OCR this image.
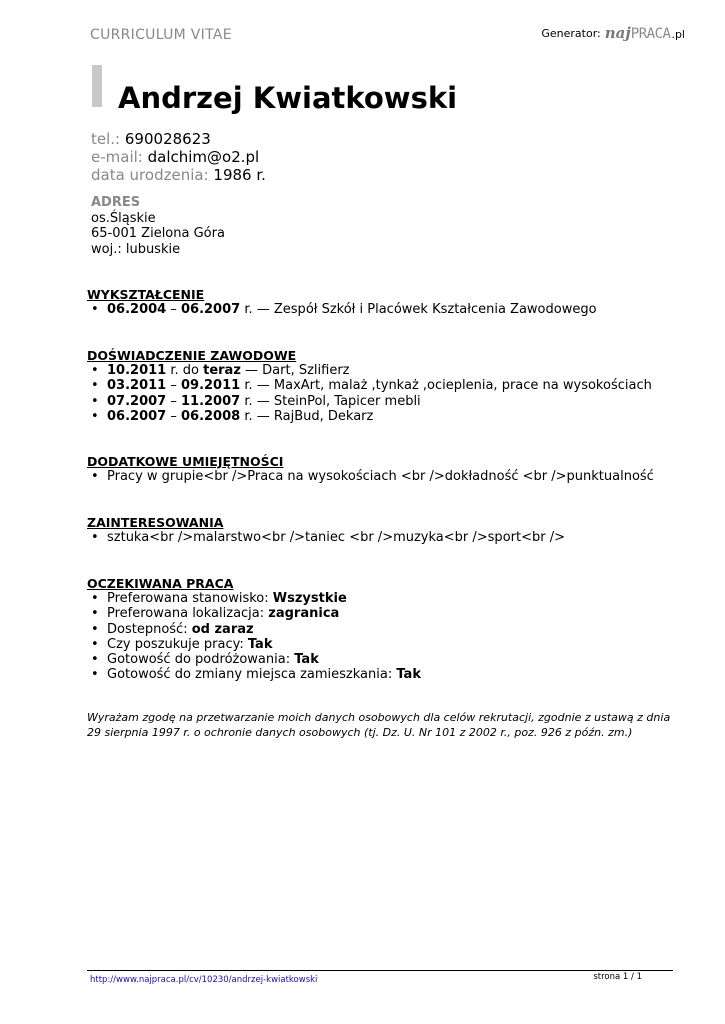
CURRICULUM VITAE	Generator: naj PRACA .pl
Andrzej Kwiatkowski
tel.: 690028623
e-mail: dalchim@o2.pl
data urodzenia: 1986 r.
ADRES
os.Śląskie
65-001 Zielona Góra
woj.: lubuskie
WYKSZTAŁCENIE
• 06.2004 – 06.2007 r. — Zespół Szkół i Placówek Kształcenia Zawodowego
DOŚWIADCZENIE ZAWODOWE
• 10.2011 r. do teraz — Dart, Szlifierz
• 03.2011 – 09.2011 r. — MaxArt, malaż ,tynkaż ,ocieplenia, prace na wysokościach
• 07.2007 – 11.2007 r. — SteinPol, Tapicer mebli
• 06.2007 – 06.2008 r. — RajBud, Dekarz
DODATKOWE UMIEJĘTNOŚCI
• Pracy w grupie<br />Praca na wysokościach <br />dokładność <br />punktualność
ZAINTERESOWANIA
• sztuka<br />malarstwo<br />taniec <br />muzyka<br />sport<br />
OCZEKIWANA PRACA
• Preferowana stanowisko: Wszystkie
• Preferowana lokalizacja: zagranica
• Dostepność: od zaraz
• Czy poszukuje pracy: Tak
• Gotowość do podróżowania: Tak
• Gotowość do zmiany miejsca zamieszkania: Tak
Wyrażam zgodę na przetwarzanie moich danych osobowych dla celów rekrutacji, zgodnie z ustawą z dnia 29 sierpnia 1997 r. o ochronie danych osobowych (tj. Dz. U. Nr 101 z 2002 r., poz. 926 z późn. zm.)
http://www.najpraca.pl/cv/10230/andrzej-kwiatkowski	strona 1 / 1
